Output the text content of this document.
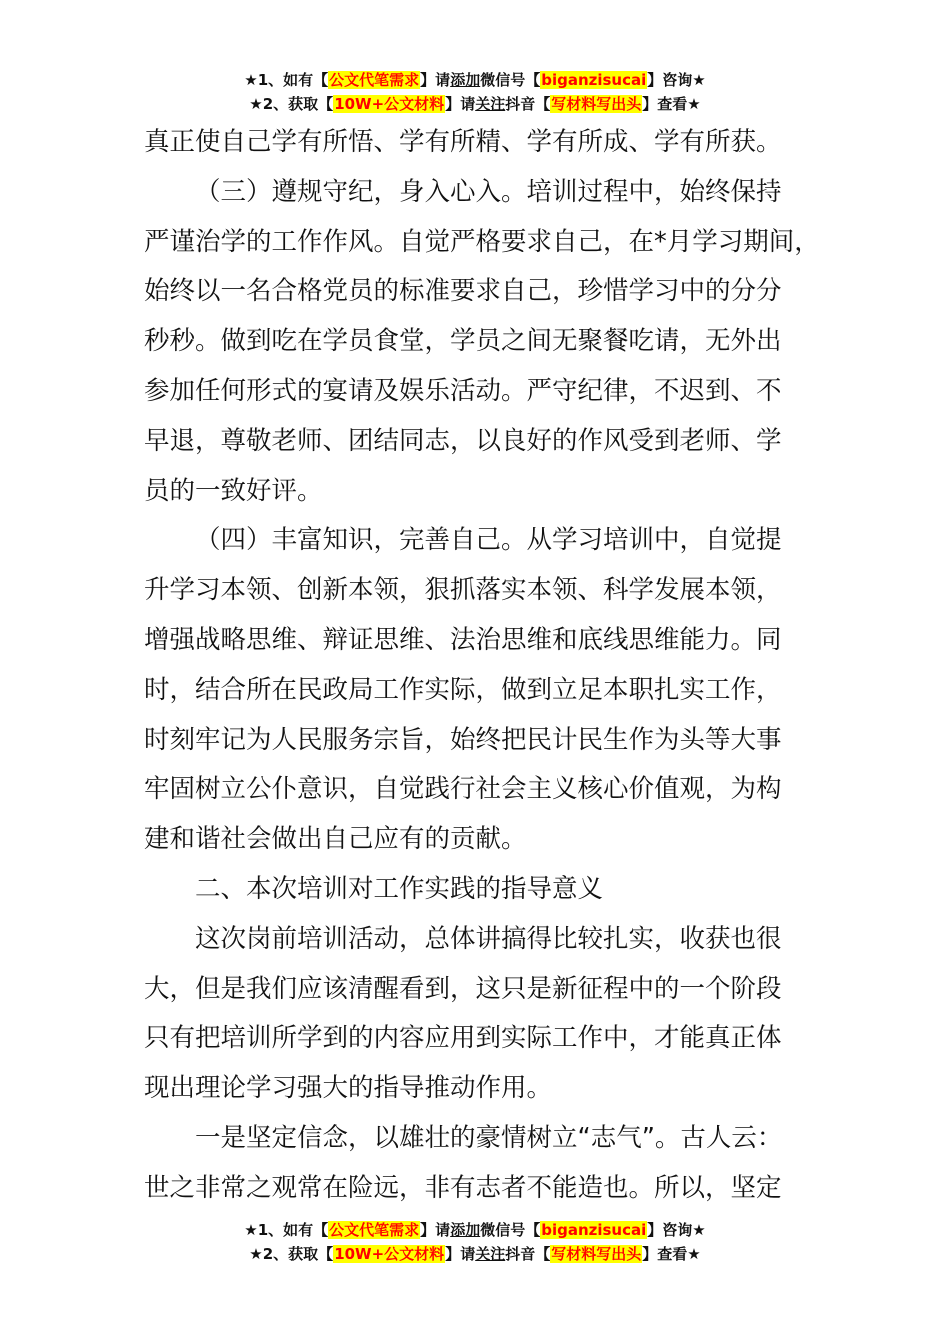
★1、如有【公文代笔需求】请添加微信号【biganzisucai】咨询★
★2、获取【10W+公文材料】请关注抖音【写材料写出头】查看★
真正使自己学有所悟、学有所精、学有所成、学有所获。
（三）遵规守纪，身入心入。培训过程中，始终保持
严谨治学的工作作风。自觉严格要求自己，在*月学习期间，
始终以一名合格党员的标准要求自己，珍惜学习中的分分
秒秒。做到吃在学员食堂，学员之间无聚餐吃请，无外出
参加任何形式的宴请及娱乐活动。严守纪律，不迟到、不
早退，尊敬老师、团结同志，以良好的作风受到老师、学
员的一致好评。
（四）丰富知识，完善自己。从学习培训中，自觉提
升学习本领、创新本领，狠抓落实本领、科学发展本领，
增强战略思维、辩证思维、法治思维和底线思维能力。同
时，结合所在民政局工作实际，做到立足本职扎实工作，
时刻牢记为人民服务宗旨，始终把民计民生作为头等大事
牢固树立公仆意识，自觉践行社会主义核心价值观，为构
建和谐社会做出自己应有的贡献。
二、本次培训对工作实践的指导意义
这次岗前培训活动，总体讲搞得比较扎实，收获也很
大，但是我们应该清醒看到，这只是新征程中的一个阶段
只有把培训所学到的内容应用到实际工作中，才能真正体
现出理论学习强大的指导推动作用。
一是坚定信念，以雄壮的豪情树立“志气”。古人云：
世之非常之观常在险远，非有志者不能造也。所以，坚定
★1、如有【公文代笔需求】请添加微信号【biganzisucai】咨询★
★2、获取【10W+公文材料】请关注抖音【写材料写出头】查看★
